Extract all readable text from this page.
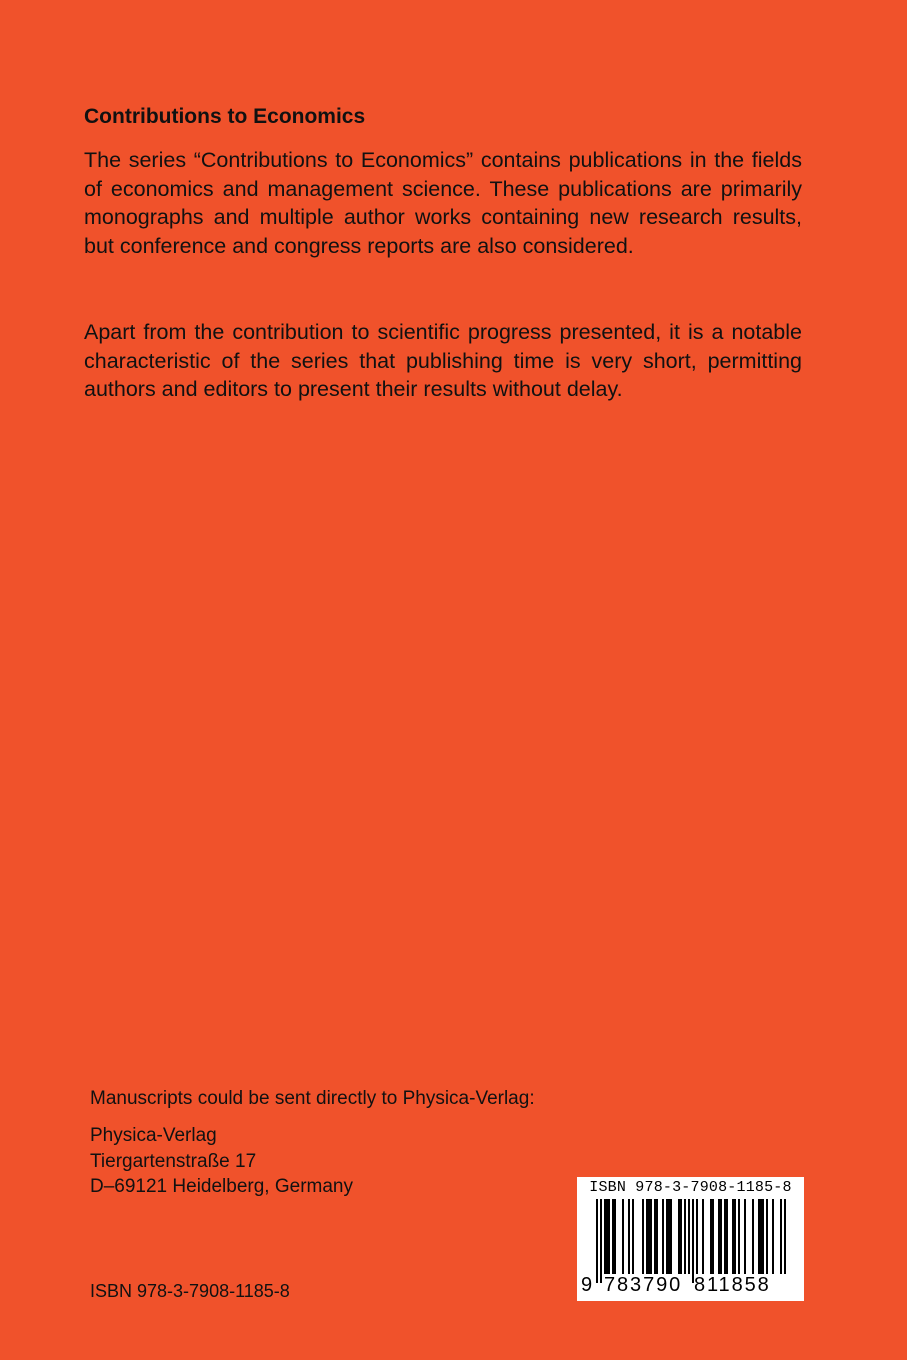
Contributions to Economics

The series “Contributions to Economics” contains publications in the fields of economics and management science. These publications are primarily monographs and multiple author works containing new research results, but conference and congress reports are also considered.

Apart from the contribution to scientific progress presented, it is a notable characteristic of the series that publishing time is very short, permitting authors and editors to present their results without delay.

Manuscripts could be sent directly to Physica-Verlag:

Physica-Verlag
Tiergartenstraße 17
D–69121 Heidelberg, Germany

ISBN 978-3-7908-1185-8

ISBN 978-3-7908-1185-8
9 783790 811858
